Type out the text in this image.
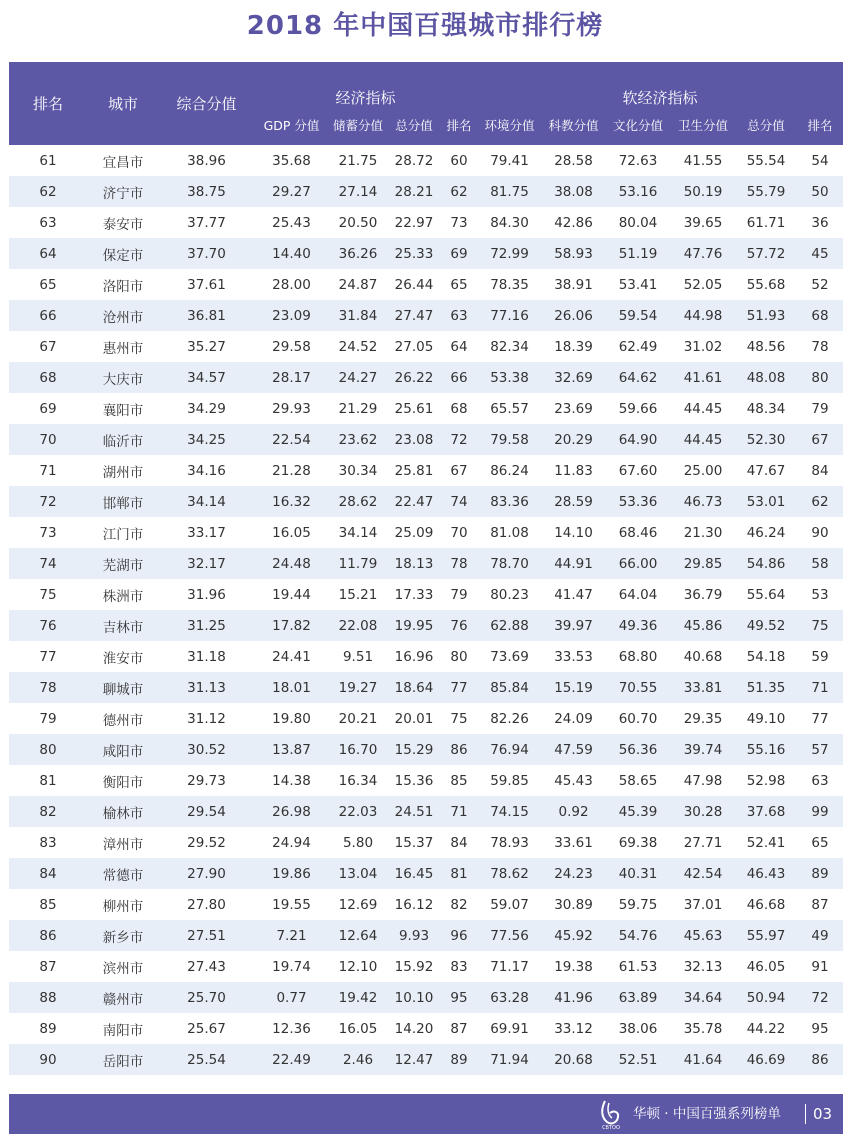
2018 年中国百强城市排行榜
排名	城市	综合分值	经济指标				软经济指标					
			GDP 分值	储蓄分值	总分值	排名	环境分值	科教分值	文化分值	卫生分值	总分值	排名
61	宜昌市	38.96	35.68	21.75	28.72	60	79.41	28.58	72.63	41.55	55.54	54
62	济宁市	38.75	29.27	27.14	28.21	62	81.75	38.08	53.16	50.19	55.79	50
63	泰安市	37.77	25.43	20.50	22.97	73	84.30	42.86	80.04	39.65	61.71	36
64	保定市	37.70	14.40	36.26	25.33	69	72.99	58.93	51.19	47.76	57.72	45
65	洛阳市	37.61	28.00	24.87	26.44	65	78.35	38.91	53.41	52.05	55.68	52
66	沧州市	36.81	23.09	31.84	27.47	63	77.16	26.06	59.54	44.98	51.93	68
67	惠州市	35.27	29.58	24.52	27.05	64	82.34	18.39	62.49	31.02	48.56	78
68	大庆市	34.57	28.17	24.27	26.22	66	53.38	32.69	64.62	41.61	48.08	80
69	襄阳市	34.29	29.93	21.29	25.61	68	65.57	23.69	59.66	44.45	48.34	79
70	临沂市	34.25	22.54	23.62	23.08	72	79.58	20.29	64.90	44.45	52.30	67
71	湖州市	34.16	21.28	30.34	25.81	67	86.24	11.83	67.60	25.00	47.67	84
72	邯郸市	34.14	16.32	28.62	22.47	74	83.36	28.59	53.36	46.73	53.01	62
73	江门市	33.17	16.05	34.14	25.09	70	81.08	14.10	68.46	21.30	46.24	90
74	芜湖市	32.17	24.48	11.79	18.13	78	78.70	44.91	66.00	29.85	54.86	58
75	株洲市	31.96	19.44	15.21	17.33	79	80.23	41.47	64.04	36.79	55.64	53
76	吉林市	31.25	17.82	22.08	19.95	76	62.88	39.97	49.36	45.86	49.52	75
77	淮安市	31.18	24.41	9.51	16.96	80	73.69	33.53	68.80	40.68	54.18	59
78	聊城市	31.13	18.01	19.27	18.64	77	85.84	15.19	70.55	33.81	51.35	71
79	德州市	31.12	19.80	20.21	20.01	75	82.26	24.09	60.70	29.35	49.10	77
80	咸阳市	30.52	13.87	16.70	15.29	86	76.94	47.59	56.36	39.74	55.16	57
81	衡阳市	29.73	14.38	16.34	15.36	85	59.85	45.43	58.65	47.98	52.98	63
82	榆林市	29.54	26.98	22.03	24.51	71	74.15	0.92	45.39	30.28	37.68	99
83	漳州市	29.52	24.94	5.80	15.37	84	78.93	33.61	69.38	27.71	52.41	65
84	常德市	27.90	19.86	13.04	16.45	81	78.62	24.23	40.31	42.54	46.43	89
85	柳州市	27.80	19.55	12.69	16.12	82	59.07	30.89	59.75	37.01	46.68	87
86	新乡市	27.51	7.21	12.64	9.93	96	77.56	45.92	54.76	45.63	55.97	49
87	滨州市	27.43	19.74	12.10	15.92	83	71.17	19.38	61.53	32.13	46.05	91
88	赣州市	25.70	0.77	19.42	10.10	95	63.28	41.96	63.89	34.64	50.94	72
89	南阳市	25.67	12.36	16.05	14.20	87	69.91	33.12	38.06	35.78	44.22	95
90	岳阳市	25.54	22.49	2.46	12.47	89	71.94	20.68	52.51	41.64	46.69	86
CBTOO
华顿 · 中国百强系列榜单 03
